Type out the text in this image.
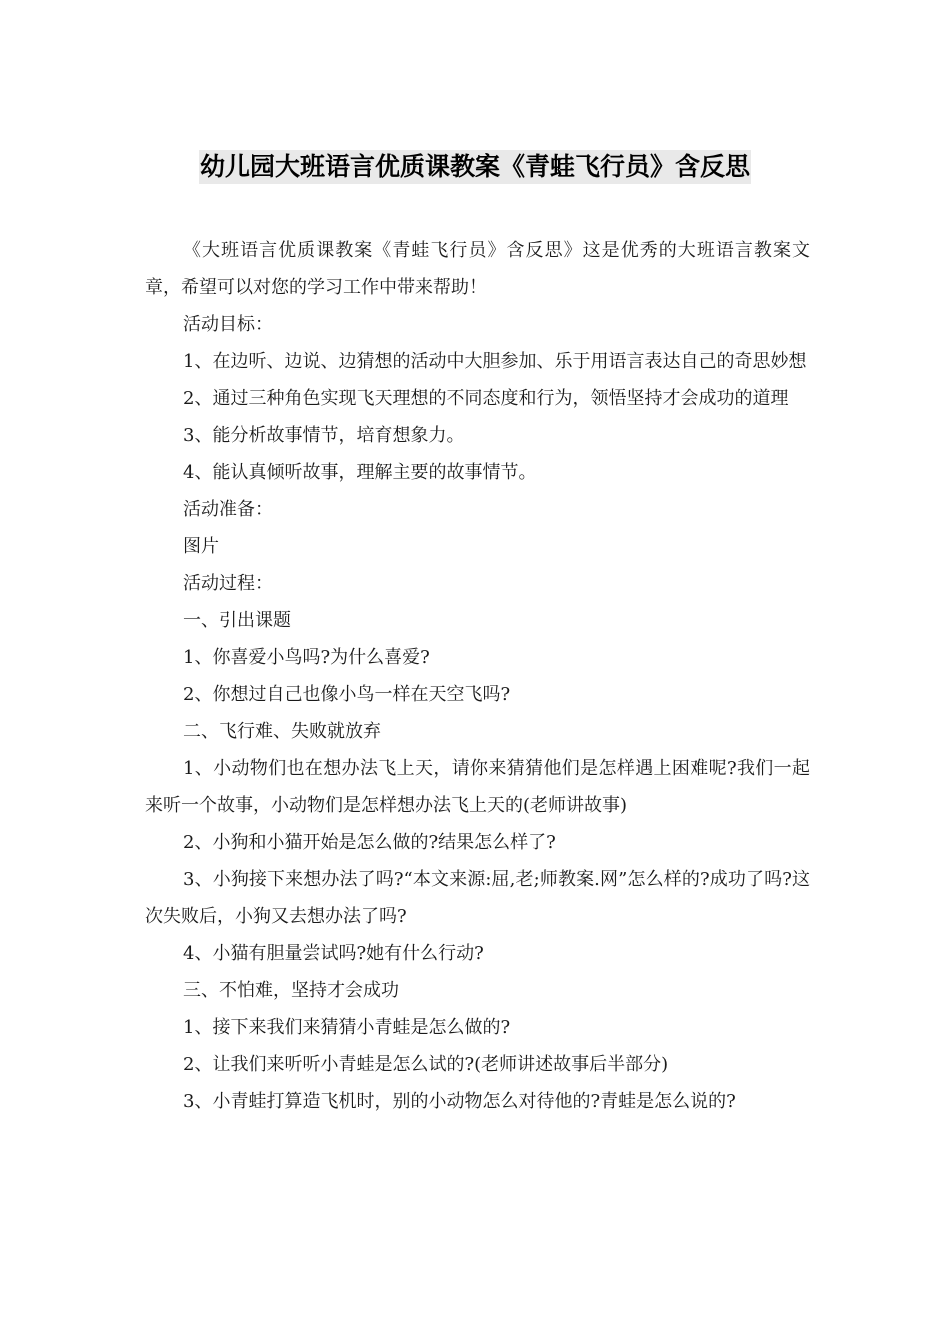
幼儿园大班语言优质课教案《青蛙飞行员》含反思

《大班语言优质课教案《青蛙飞行员》含反思》这是优秀的大班语言教案文章，希望可以对您的学习工作中带来帮助！

活动目标：

1、在边听、边说、边猜想的活动中大胆参加、乐于用语言表达自己的奇思妙想

2、通过三种角色实现飞天理想的不同态度和行为，领悟坚持才会成功的道理

3、能分析故事情节，培育想象力。

4、能认真倾听故事，理解主要的故事情节。

活动准备：

图片

活动过程：

一、引出课题

1、你喜爱小鸟吗?为什么喜爱?

2、你想过自己也像小鸟一样在天空飞吗?

二、飞行难、失败就放弃

1、小动物们也在想办法飞上天，请你来猜猜他们是怎样遇上困难呢?我们一起来听一个故事，小动物们是怎样想办法飞上天的(老师讲故事)

2、小狗和小猫开始是怎么做的?结果怎么样了?

3、小狗接下来想办法了吗?“本文来源:屈,老;师教案.网”怎么样的?成功了吗?这次失败后，小狗又去想办法了吗?

4、小猫有胆量尝试吗?她有什么行动?

三、不怕难，坚持才会成功

1、接下来我们来猜猜小青蛙是怎么做的?

2、让我们来听听小青蛙是怎么试的?(老师讲述故事后半部分)

3、小青蛙打算造飞机时，别的小动物怎么对待他的?青蛙是怎么说的?
